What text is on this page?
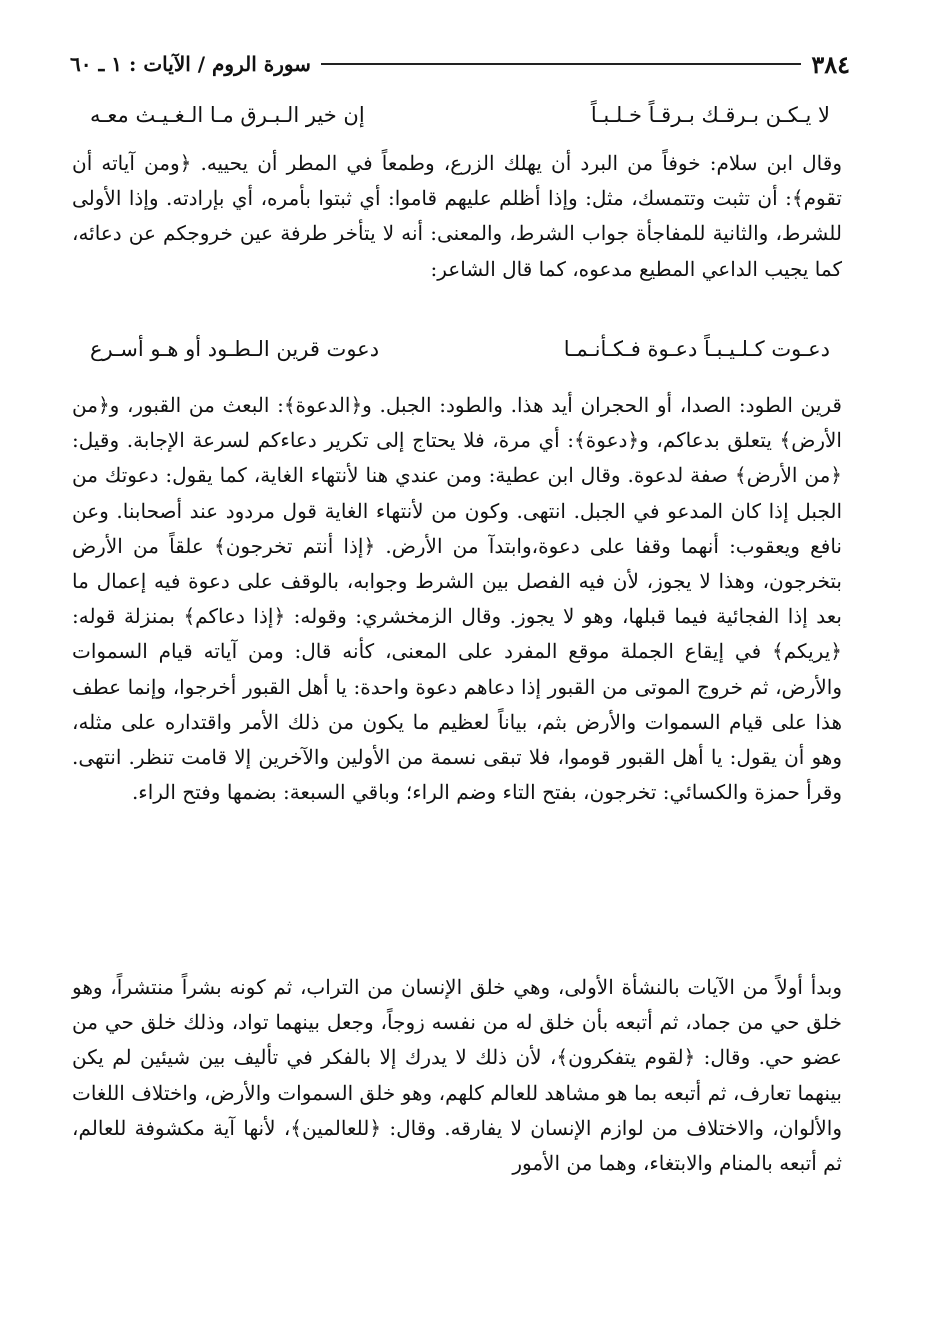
٣٨٤
سورة الروم / الآيات : ١ ـ ٦٠
لا يـكـن بـرقـك بـرقـاً خـلـبـاً
إن خير الـبـرق مـا الـغـيـث معـه

وقال ابن سلام: خوفاً من البرد أن يهلك الزرع، وطمعاً في المطر أن يحييه. ﴿ومن آياته أن تقوم﴾: أن تثبت وتتمسك، مثل: وإذا أظلم عليهم قاموا: أي ثبتوا بأمره، أي بإرادته. وإذا الأولى للشرط، والثانية للمفاجأة جواب الشرط، والمعنى: أنه لا يتأخر طرفة عين خروجكم عن دعائه، كما يجيب الداعي المطيع مدعوه، كما قال الشاعر:

دعـوت كـلـيـبـاً دعـوة فـكـأنـمـا
دعوت قرين الـطـود أو هـو أسـرع

قرين الطود: الصدا، أو الحجران أيد هذا. والطود: الجبل. و﴿الدعوة﴾: البعث من القبور، و﴿من الأرض﴾ يتعلق بدعاكم، و﴿دعوة﴾: أي مرة، فلا يحتاج إلى تكرير دعاءكم لسرعة الإجابة. وقيل: ﴿من الأرض﴾ صفة لدعوة. وقال ابن عطية: ومن عندي هنا لأنتهاء الغاية، كما يقول: دعوتك من الجبل إذا كان المدعو في الجبل. انتهى. وكون من لأنتهاء الغاية قول مردود عند أصحابنا. وعن نافع ويعقوب: أنهما وقفا على دعوة،وابتدآ من الأرض. ﴿إذا أنتم تخرجون﴾ علقاً من الأرض بتخرجون، وهذا لا يجوز، لأن فيه الفصل بين الشرط وجوابه، بالوقف على دعوة فيه إعمال ما بعد إذا الفجائية فيما قبلها، وهو لا يجوز. وقال الزمخشري: وقوله: ﴿إذا دعاكم﴾ بمنزلة قوله: ﴿يريكم﴾ في إيقاع الجملة موقع المفرد على المعنى، كأنه قال: ومن آياته قيام السموات والأرض، ثم خروج الموتى من القبور إذا دعاهم دعوة واحدة: يا أهل القبور أخرجوا، وإنما عطف هذا على قيام السموات والأرض بثم، بياناً لعظيم ما يكون من ذلك الأمر واقتداره على مثله، وهو أن يقول: يا أهل القبور قوموا، فلا تبقى نسمة من الأولين والآخرين إلا قامت تنظر. انتهى. وقرأ حمزة والكسائي: تخرجون، بفتح التاء وضم الراء؛ وباقي السبعة: بضمها وفتح الراء.

وبدأ أولاً من الآيات بالنشأة الأولى، وهي خلق الإنسان من التراب، ثم كونه بشراً منتشراً، وهو خلق حي من جماد، ثم أتبعه بأن خلق له من نفسه زوجاً، وجعل بينهما تواد، وذلك خلق حي من عضو حي. وقال: ﴿لقوم يتفكرون﴾، لأن ذلك لا يدرك إلا بالفكر في تأليف بين شيئين لم يكن بينهما تعارف، ثم أتبعه بما هو مشاهد للعالم كلهم، وهو خلق السموات والأرض، واختلاف اللغات والألوان، والاختلاف من لوازم الإنسان لا يفارقه. وقال: ﴿للعالمين﴾، لأنها آية مكشوفة للعالم، ثم أتبعه بالمنام والابتغاء، وهما من الأمور
